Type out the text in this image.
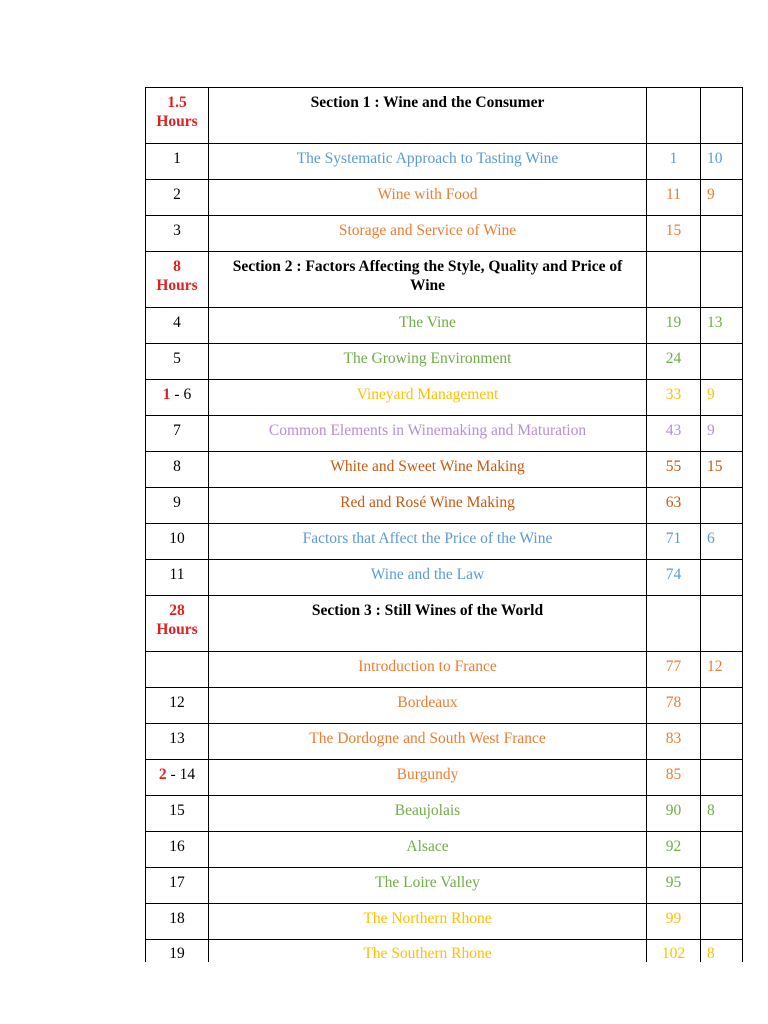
1.5
Hours	Section 1 : Wine and the Consumer		

1	The Systematic Approach to Tasting Wine	1	10

2	Wine with Food	11	9

3	Storage and Service of Wine	15	

8
Hours	Section 2 : Factors Affecting the Style, Quality and Price of Wine		

4	The Vine	19	13

5	The Growing Environment	24	

1 - 6	Vineyard Management	33	9

7	Common Elements in Winemaking and Maturation	43	9

8	White and Sweet Wine Making	55	15

9	Red and Rosé Wine Making	63	

10	Factors that Affect the Price of the Wine	71	6

11	Wine and the Law	74	

28
Hours	Section 3 : Still Wines of the World		

	Introduction to France	77	12

12	Bordeaux	78	

13	The Dordogne and South West France	83	

2 - 14	Burgundy	85	

15	Beaujolais	90	8

16	Alsace	92	

17	The Loire Valley	95	

18	The Northern Rhone	99	

19	The Southern Rhone	102	8
